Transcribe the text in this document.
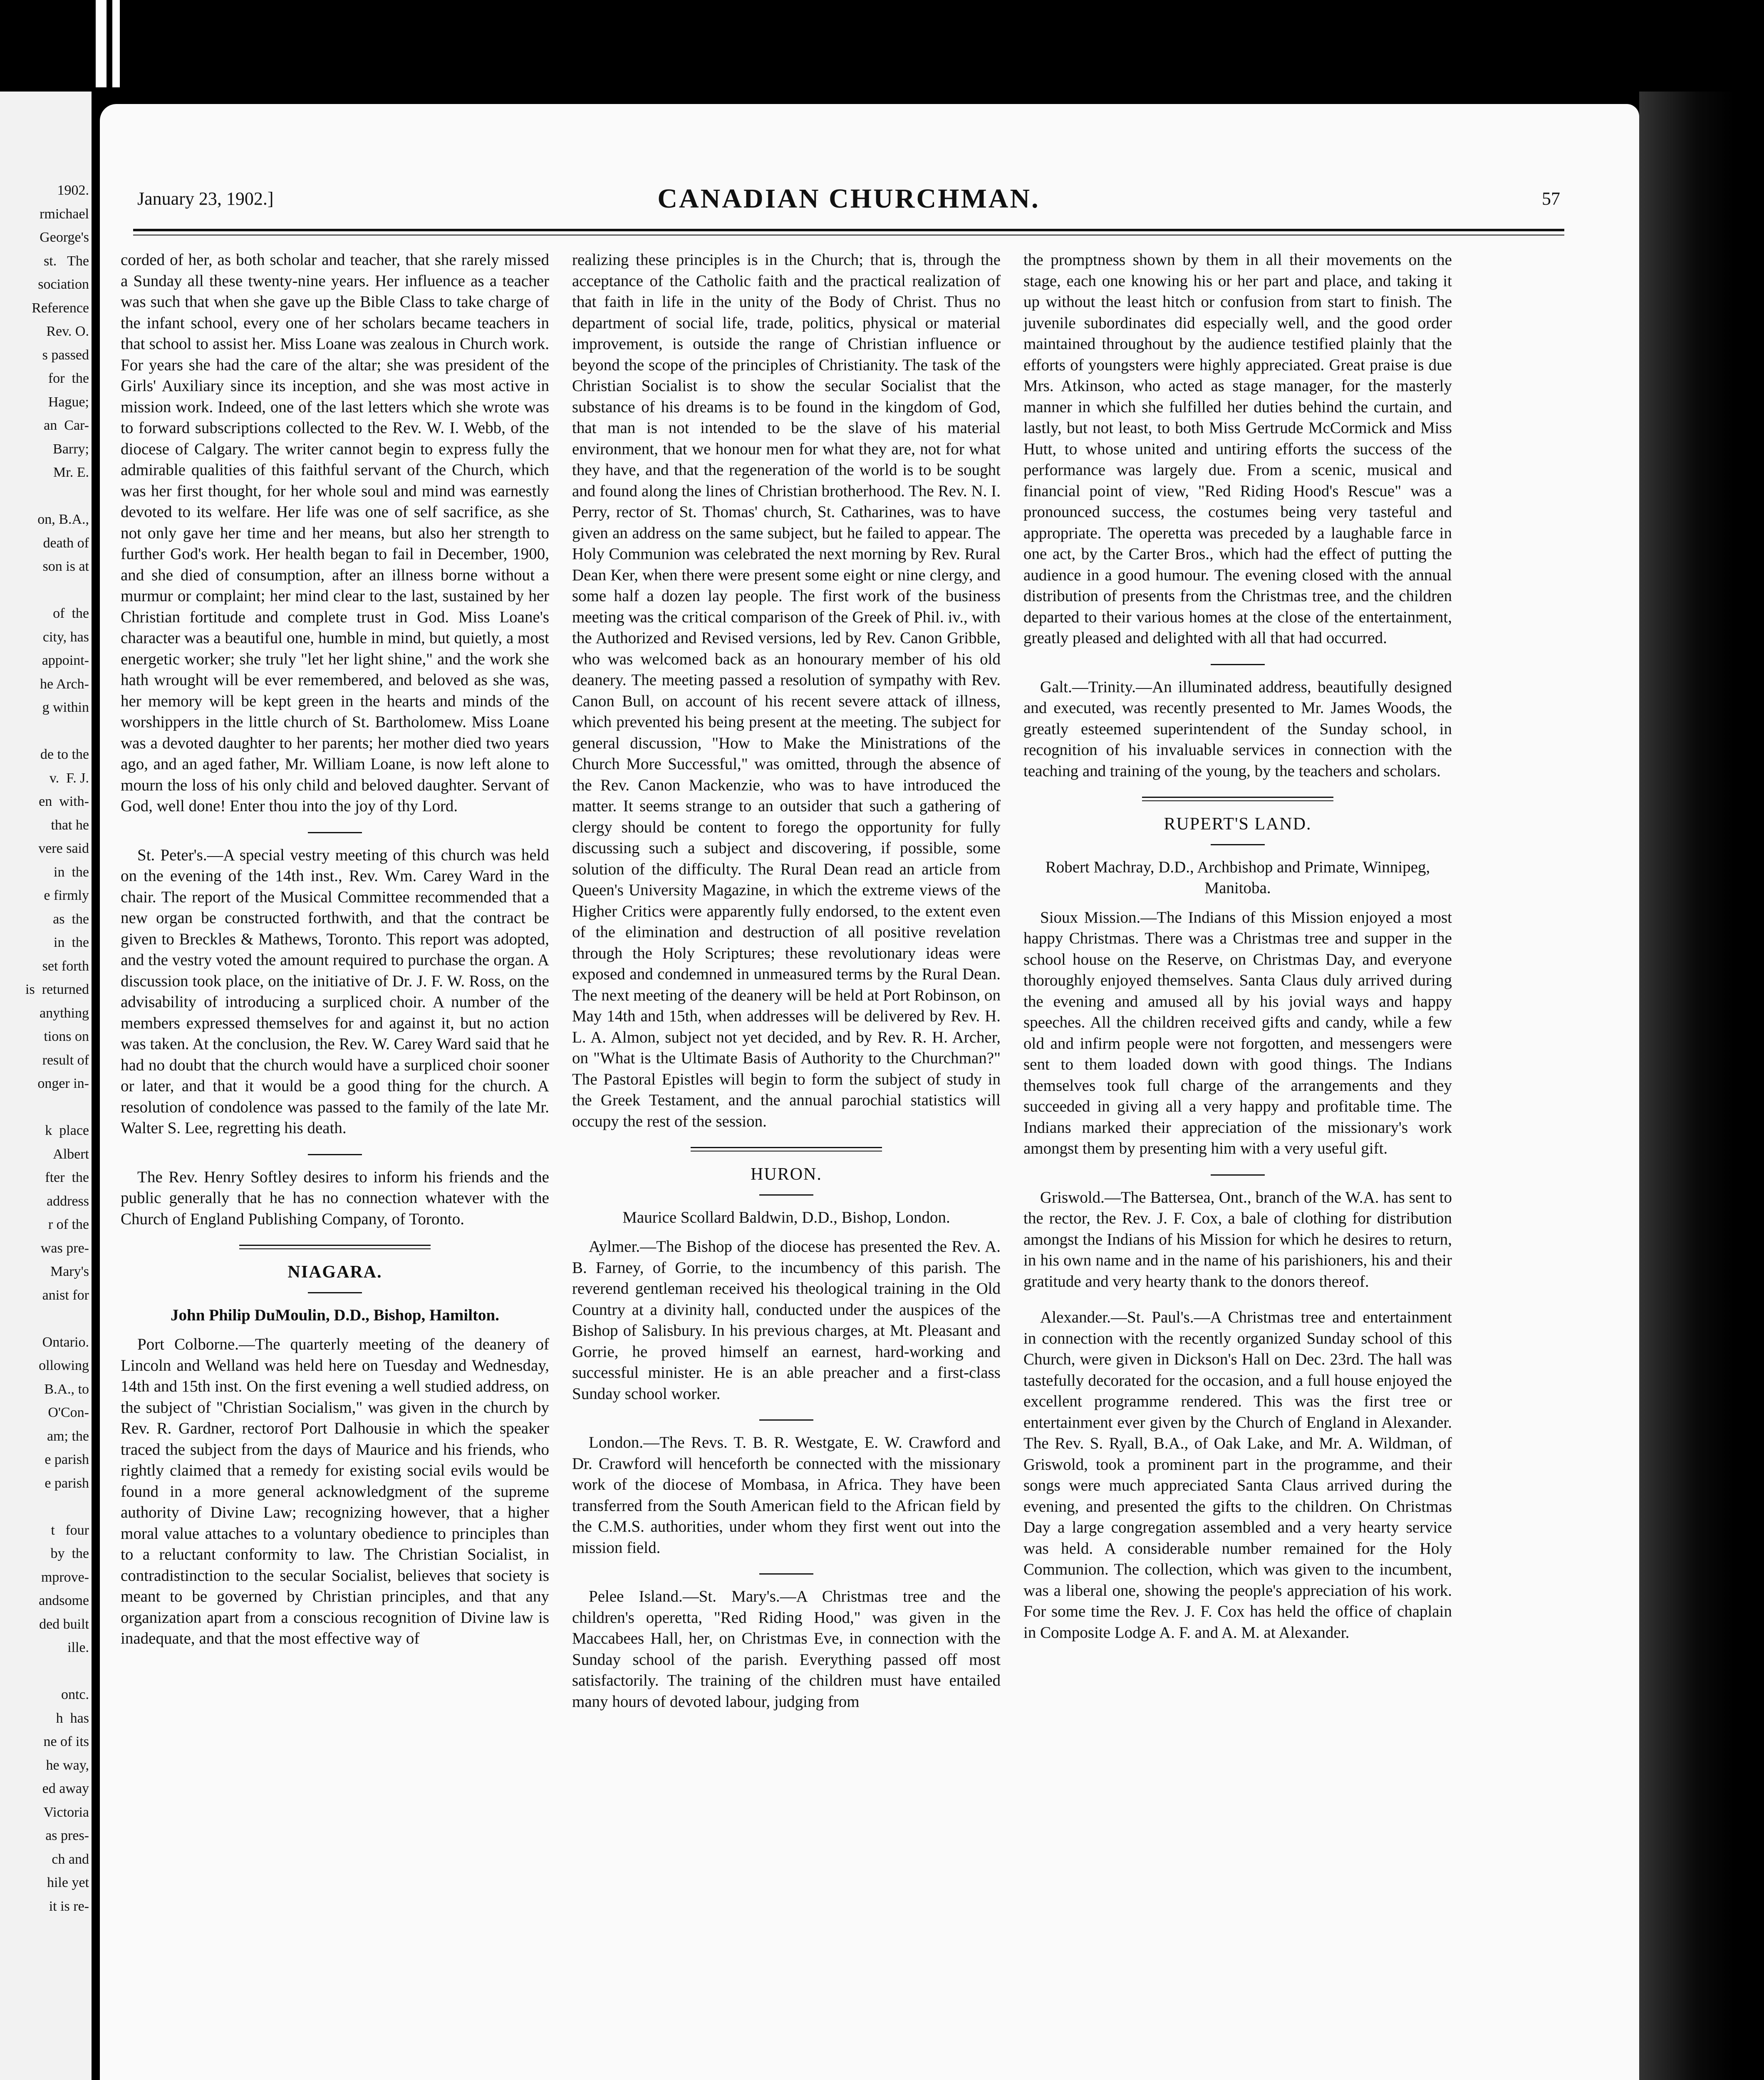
1902.
rmichael
George's
st.   The
sociation
Reference
Rev. O.
s passed
for  the
Hague;
an  Car-
Barry;
Mr. E.

on, B.A.,
death of
son is at

of  the
city, has
appoint-
he Arch-
g within

de to the
v.  F. J.
en  with-
that he
vere said
in  the
e firmly
as  the
in  the
set forth
is  returned
anything
tions on
result of
onger in-

k  place
Albert
fter  the
address
r of the
was pre-
Mary's
anist for

Ontario.
ollowing
B.A., to
O'Con-
am; the
e parish
e parish

t   four
by  the
mprove-
andsome
ded built
ille.

ontc.
h  has
ne of its
he way,
ed away
Victoria
as pres-
ch and
hile yet
it is re-
January 23, 1902.]	CANADIAN CHURCHMAN.	57

corded of her, as both scholar and teacher, that she rarely missed a Sunday all these twenty-nine years. Her influence as a teacher was such that when she gave up the Bible Class to take charge of the infant school, every one of her scholars became teachers in that school to assist her. Miss Loane was zealous in Church work. For years she had the care of the altar; she was president of the Girls' Auxiliary since its inception, and she was most active in mission work. Indeed, one of the last letters which she wrote was to forward subscriptions collected to the Rev. W. I. Webb, of the diocese of Calgary. The writer cannot begin to express fully the admirable qualities of this faithful servant of the Church, which was her first thought, for her whole soul and mind was earnestly devoted to its welfare. Her life was one of self sacrifice, as she not only gave her time and her means, but also her strength to further God's work. Her health began to fail in December, 1900, and she died of consumption, after an illness borne without a murmur or complaint; her mind clear to the last, sustained by her Christian fortitude and complete trust in God. Miss Loane's character was a beautiful one, humble in mind, but quietly, a most energetic worker; she truly "let her light shine," and the work she hath wrought will be ever remembered, and beloved as she was, her memory will be kept green in the hearts and minds of the worshippers in the little church of St. Bartholomew. Miss Loane was a devoted daughter to her parents; her mother died two years ago, and an aged father, Mr. William Loane, is now left alone to mourn the loss of his only child and beloved daughter. Servant of God, well done! Enter thou into the joy of thy Lord.

St. Peter's.—A special vestry meeting of this church was held on the evening of the 14th inst., Rev. Wm. Carey Ward in the chair. The report of the Musical Committee recommended that a new organ be constructed forthwith, and that the contract be given to Breckles & Mathews, Toronto. This report was adopted, and the vestry voted the amount required to purchase the organ. A discussion took place, on the initiative of Dr. J. F. W. Ross, on the advisability of introducing a surpliced choir. A number of the members expressed themselves for and against it, but no action was taken. At the conclusion, the Rev. W. Carey Ward said that he had no doubt that the church would have a surpliced choir sooner or later, and that it would be a good thing for the church. A resolution of condolence was passed to the family of the late Mr. Walter S. Lee, regretting his death.

The Rev. Henry Softley desires to inform his friends and the public generally that he has no connection whatever with the Church of England Publishing Company, of Toronto.

NIAGARA.
John Philip DuMoulin, D.D., Bishop, Hamilton.

Port Colborne.—The quarterly meeting of the deanery of Lincoln and Welland was held here on Tuesday and Wednesday, 14th and 15th inst. On the first evening a well studied address, on the subject of "Christian Socialism," was given in the church by Rev. R. Gardner, rectorof Port Dalhousie in which the speaker traced the subject from the days of Maurice and his friends, who rightly claimed that a remedy for existing social evils would be found in a more general acknowledgment of the supreme authority of Divine Law; recognizing however, that a higher moral value attaches to a voluntary obedience to principles than to a reluctant conformity to law. The Christian Socialist, in contradistinction to the secular Socialist, believes that society is meant to be governed by Christian principles, and that any organization apart from a conscious recognition of Divine law is inadequate, and that the most effective way of

realizing these principles is in the Church; that is, through the acceptance of the Catholic faith and the practical realization of that faith in life in the unity of the Body of Christ. Thus no department of social life, trade, politics, physical or material improvement, is outside the range of Christian influence or beyond the scope of the principles of Christianity. The task of the Christian Socialist is to show the secular Socialist that the substance of his dreams is to be found in the kingdom of God, that man is not intended to be the slave of his material environment, that we honour men for what they are, not for what they have, and that the regeneration of the world is to be sought and found along the lines of Christian brotherhood. The Rev. N. I. Perry, rector of St. Thomas' church, St. Catharines, was to have given an address on the same subject, but he failed to appear. The Holy Communion was celebrated the next morning by Rev. Rural Dean Ker, when there were present some eight or nine clergy, and some half a dozen lay people. The first work of the business meeting was the critical comparison of the Greek of Phil. iv., with the Authorized and Revised versions, led by Rev. Canon Gribble, who was welcomed back as an honourary member of his old deanery. The meeting passed a resolution of sympathy with Rev. Canon Bull, on account of his recent severe attack of illness, which prevented his being present at the meeting. The subject for general discussion, "How to Make the Ministrations of the Church More Successful," was omitted, through the absence of the Rev. Canon Mackenzie, who was to have introduced the matter. It seems strange to an outsider that such a gathering of clergy should be content to forego the opportunity for fully discussing such a subject and discovering, if possible, some solution of the difficulty. The Rural Dean read an article from Queen's University Magazine, in which the extreme views of the Higher Critics were apparently fully endorsed, to the extent even of the elimination and destruction of all positive revelation through the Holy Scriptures; these revolutionary ideas were exposed and condemned in unmeasured terms by the Rural Dean. The next meeting of the deanery will be held at Port Robinson, on May 14th and 15th, when addresses will be delivered by Rev. H. L. A. Almon, subject not yet decided, and by Rev. R. H. Archer, on "What is the Ultimate Basis of Authority to the Churchman?" The Pastoral Epistles will begin to form the subject of study in the Greek Testament, and the annual parochial statistics will occupy the rest of the session.

HURON.
Maurice Scollard Baldwin, D.D., Bishop, London.

Aylmer.—The Bishop of the diocese has presented the Rev. A. B. Farney, of Gorrie, to the incumbency of this parish. The reverend gentleman received his theological training in the Old Country at a divinity hall, conducted under the auspices of the Bishop of Salisbury. In his previous charges, at Mt. Pleasant and Gorrie, he proved himself an earnest, hard-working and successful minister. He is an able preacher and a first-class Sunday school worker.

London.—The Revs. T. B. R. Westgate, E. W. Crawford and Dr. Crawford will henceforth be connected with the missionary work of the diocese of Mombasa, in Africa. They have been transferred from the South American field to the African field by the C.M.S. authorities, under whom they first went out into the mission field.

Pelee Island.—St. Mary's.—A Christmas tree and the children's operetta, "Red Riding Hood," was given in the Maccabees Hall, her, on Christmas Eve, in connection with the Sunday school of the parish. Everything passed off most satisfactorily. The training of the children must have entailed many hours of devoted labour, judging from

the promptness shown by them in all their movements on the stage, each one knowing his or her part and place, and taking it up without the least hitch or confusion from start to finish. The juvenile subordinates did especially well, and the good order maintained throughout by the audience testified plainly that the efforts of youngsters were highly appreciated. Great praise is due Mrs. Atkinson, who acted as stage manager, for the masterly manner in which she fulfilled her duties behind the curtain, and lastly, but not least, to both Miss Gertrude McCormick and Miss Hutt, to whose united and untiring efforts the success of the performance was largely due. From a scenic, musical and financial point of view, "Red Riding Hood's Rescue" was a pronounced success, the costumes being very tasteful and appropriate. The operetta was preceded by a laughable farce in one act, by the Carter Bros., which had the effect of putting the audience in a good humour. The evening closed with the annual distribution of presents from the Christmas tree, and the children departed to their various homes at the close of the entertainment, greatly pleased and delighted with all that had occurred.

Galt.—Trinity.—An illuminated address, beautifully designed and executed, was recently presented to Mr. James Woods, the greatly esteemed superintendent of the Sunday school, in recognition of his invaluable services in connection with the teaching and training of the young, by the teachers and scholars.

RUPERT'S LAND.
Robert Machray, D.D., Archbishop and Primate, Winnipeg, Manitoba.

Sioux Mission.—The Indians of this Mission enjoyed a most happy Christmas. There was a Christmas tree and supper in the school house on the Reserve, on Christmas Day, and everyone thoroughly enjoyed themselves. Santa Claus duly arrived during the evening and amused all by his jovial ways and happy speeches. All the children received gifts and candy, while a few old and infirm people were not forgotten, and messengers were sent to them loaded down with good things. The Indians themselves took full charge of the arrangements and they succeeded in giving all a very happy and profitable time. The Indians marked their appreciation of the missionary's work amongst them by presenting him with a very useful gift.

Griswold.—The Battersea, Ont., branch of the W.A. has sent to the rector, the Rev. J. F. Cox, a bale of clothing for distribution amongst the Indians of his Mission for which he desires to return, in his own name and in the name of his parishioners, his and their gratitude and very hearty thank to the donors thereof.

Alexander.—St. Paul's.—A Christmas tree and entertainment in connection with the recently organized Sunday school of this Church, were given in Dickson's Hall on Dec. 23rd. The hall was tastefully decorated for the occasion, and a full house enjoyed the excellent programme rendered. This was the first tree or entertainment ever given by the Church of England in Alexander. The Rev. S. Ryall, B.A., of Oak Lake, and Mr. A. Wildman, of Griswold, took a prominent part in the programme, and their songs were much appreciated Santa Claus arrived during the evening, and presented the gifts to the children. On Christmas Day a large congregation assembled and a very hearty service was held. A considerable number remained for the Holy Communion. The collection, which was given to the incumbent, was a liberal one, showing the people's appreciation of his work. For some time the Rev. J. F. Cox has held the office of chaplain in Composite Lodge A. F. and A. M. at Alexander.
